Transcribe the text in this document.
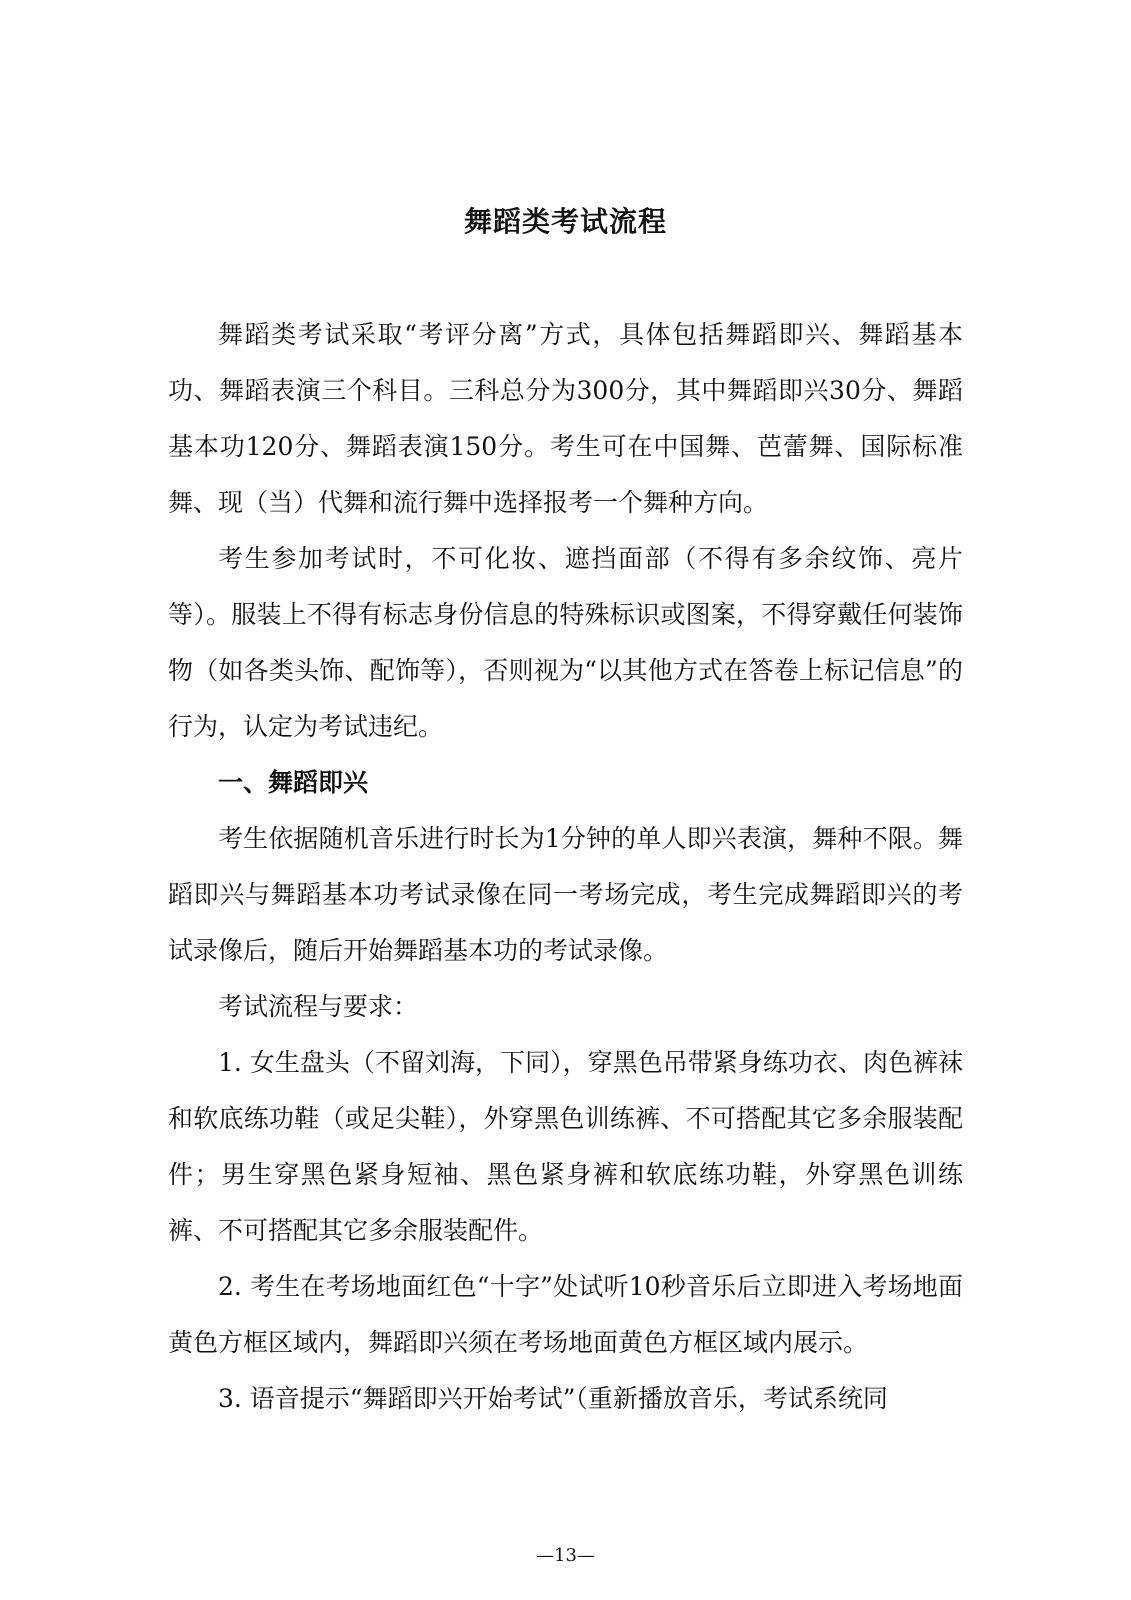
舞蹈类考试流程

舞蹈类考试采取“考评分离”方式，具体包括舞蹈即兴、舞蹈基本功、舞蹈表演三个科目。三科总分为300分，其中舞蹈即兴30分、舞蹈基本功120分、舞蹈表演150分。考生可在中国舞、芭蕾舞、国际标准舞、现（当）代舞和流行舞中选择报考一个舞种方向。

考生参加考试时，不可化妆、遮挡面部（不得有多余纹饰、亮片等）。服装上不得有标志身份信息的特殊标识或图案，不得穿戴任何装饰物（如各类头饰、配饰等），否则视为“以其他方式在答卷上标记信息”的行为，认定为考试违纪。

一、舞蹈即兴

考生依据随机音乐进行时长为1分钟的单人即兴表演，舞种不限。舞蹈即兴与舞蹈基本功考试录像在同一考场完成，考生完成舞蹈即兴的考试录像后，随后开始舞蹈基本功的考试录像。

考试流程与要求：

1. 女生盘头（不留刘海，下同），穿黑色吊带紧身练功衣、肉色裤袜和软底练功鞋（或足尖鞋），外穿黑色训练裤、不可搭配其它多余服装配件；男生穿黑色紧身短袖、黑色紧身裤和软底练功鞋，外穿黑色训练裤、不可搭配其它多余服装配件。

2. 考生在考场地面红色“十字”处试听10秒音乐后立即进入考场地面黄色方框区域内，舞蹈即兴须在考场地面黄色方框区域内展示。

3. 语音提示“舞蹈即兴开始考试”（重新播放音乐，考试系统同

—13—
